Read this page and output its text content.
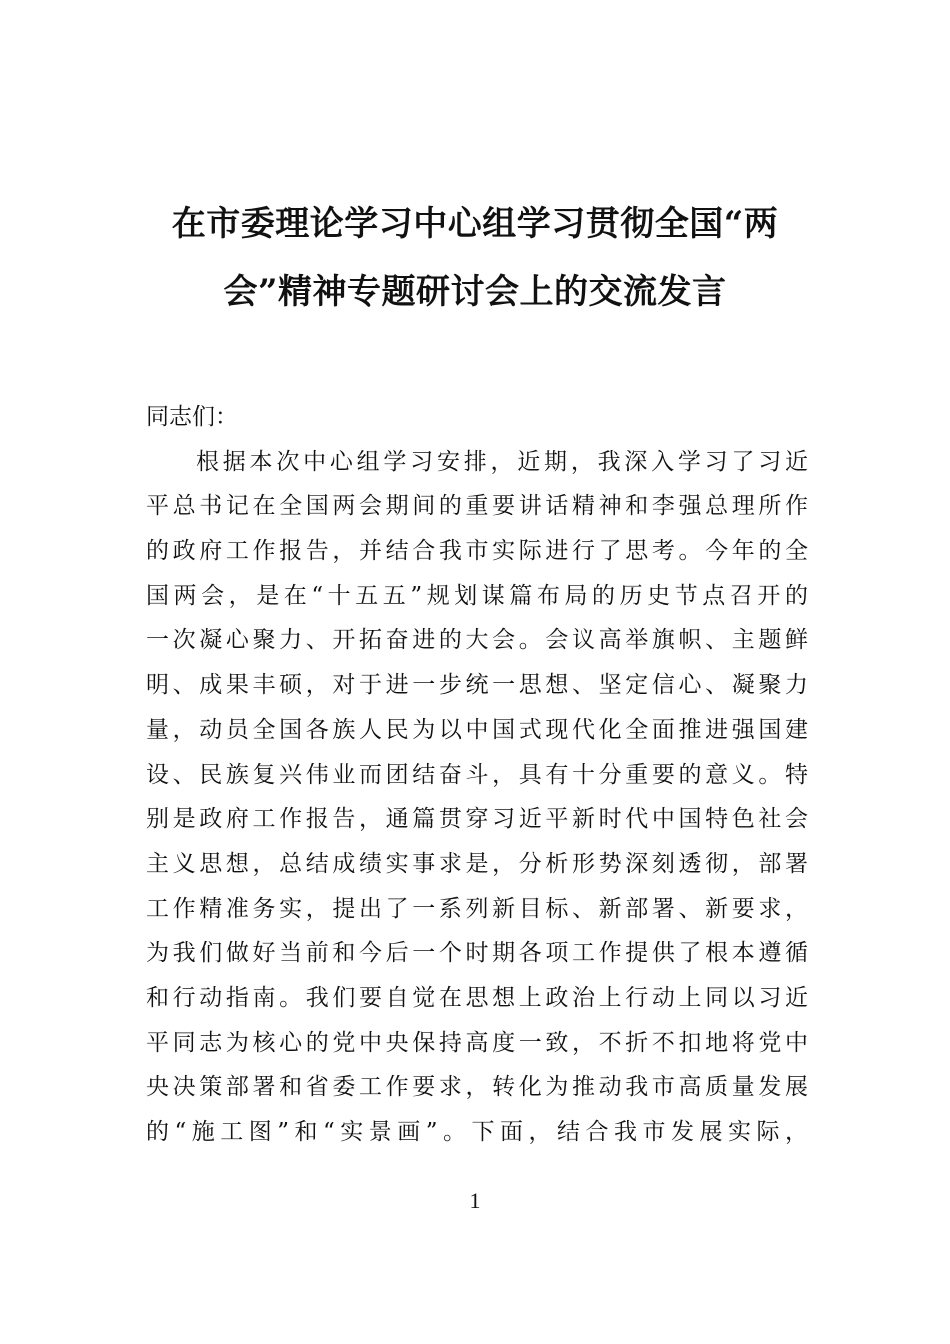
在市委理论学习中心组学习贯彻全国“两
会”精神专题研讨会上的交流发言
同志们：
根据本次中心组学习安排，近期，我深入学习了习近
平总书记在全国两会期间的重要讲话精神和李强总理所作
的政府工作报告，并结合我市实际进行了思考。今年的全
国两会，是在“十五五”规划谋篇布局的历史节点召开的
一次凝心聚力、开拓奋进的大会。会议高举旗帜、主题鲜
明、成果丰硕，对于进一步统一思想、坚定信心、凝聚力
量，动员全国各族人民为以中国式现代化全面推进强国建
设、民族复兴伟业而团结奋斗，具有十分重要的意义。特
别是政府工作报告，通篇贯穿习近平新时代中国特色社会
主义思想，总结成绩实事求是，分析形势深刻透彻，部署
工作精准务实，提出了一系列新目标、新部署、新要求，
为我们做好当前和今后一个时期各项工作提供了根本遵循
和行动指南。我们要自觉在思想上政治上行动上同以习近
平同志为核心的党中央保持高度一致，不折不扣地将党中
央决策部署和省委工作要求，转化为推动我市高质量发展
的“施工图”和“实景画”。下面，结合我市发展实际，
1
